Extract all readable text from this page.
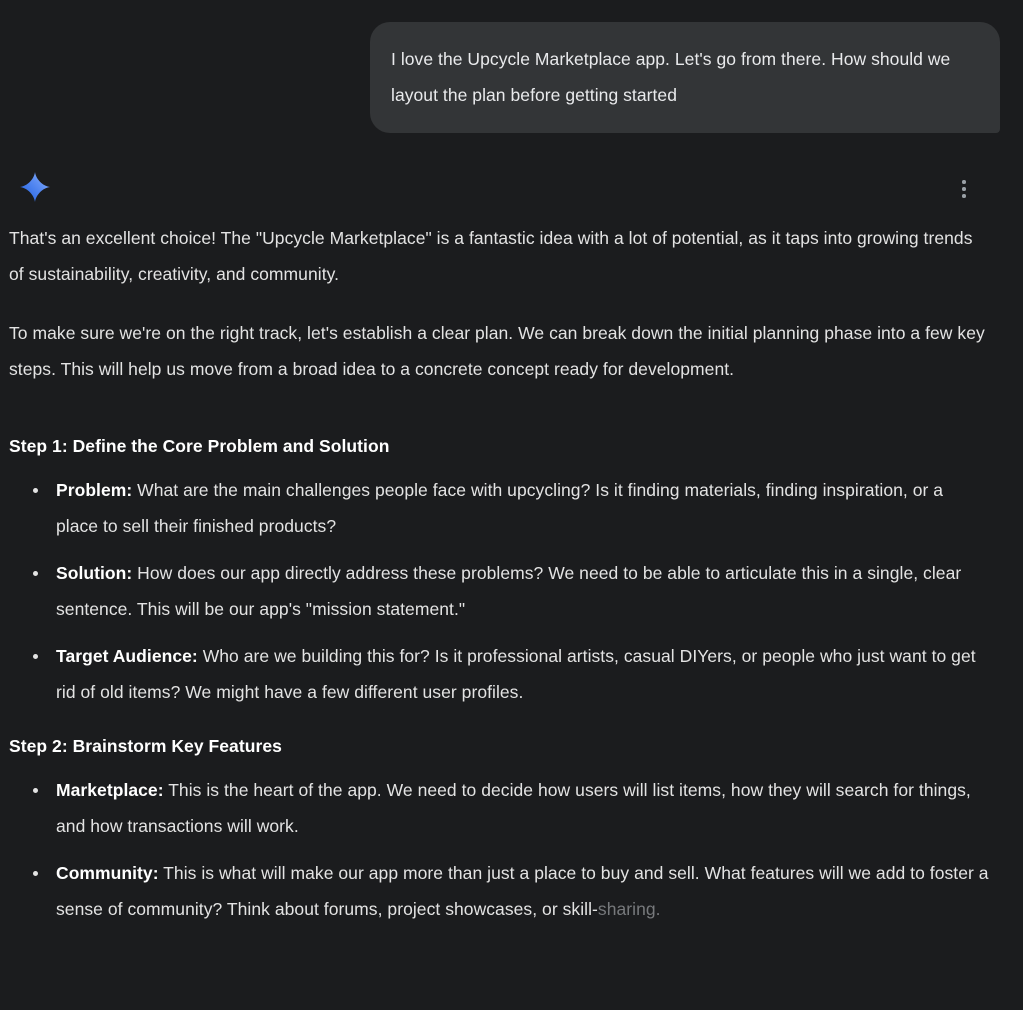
I love the Upcycle Marketplace app. Let's go from there. How should we layout the plan before getting started

That's an excellent choice! The "Upcycle Marketplace" is a fantastic idea with a lot of potential, as it taps into growing trends of sustainability, creativity, and community.

To make sure we're on the right track, let's establish a clear plan. We can break down the initial planning phase into a few key steps. This will help us move from a broad idea to a concrete concept ready for development.

Step 1: Define the Core Problem and Solution
Problem: What are the main challenges people face with upcycling? Is it finding materials, finding inspiration, or a place to sell their finished products?
Solution: How does our app directly address these problems? We need to be able to articulate this in a single, clear sentence. This will be our app's "mission statement."
Target Audience: Who are we building this for? Is it professional artists, casual DIYers, or people who just want to get rid of old items? We might have a few different user profiles.
Step 2: Brainstorm Key Features
Marketplace: This is the heart of the app. We need to decide how users will list items, how they will search for things, and how transactions will work.
Community: This is what will make our app more than just a place to buy and sell. What features will we add to foster a sense of community? Think about forums, project showcases, or skill-sharing.
